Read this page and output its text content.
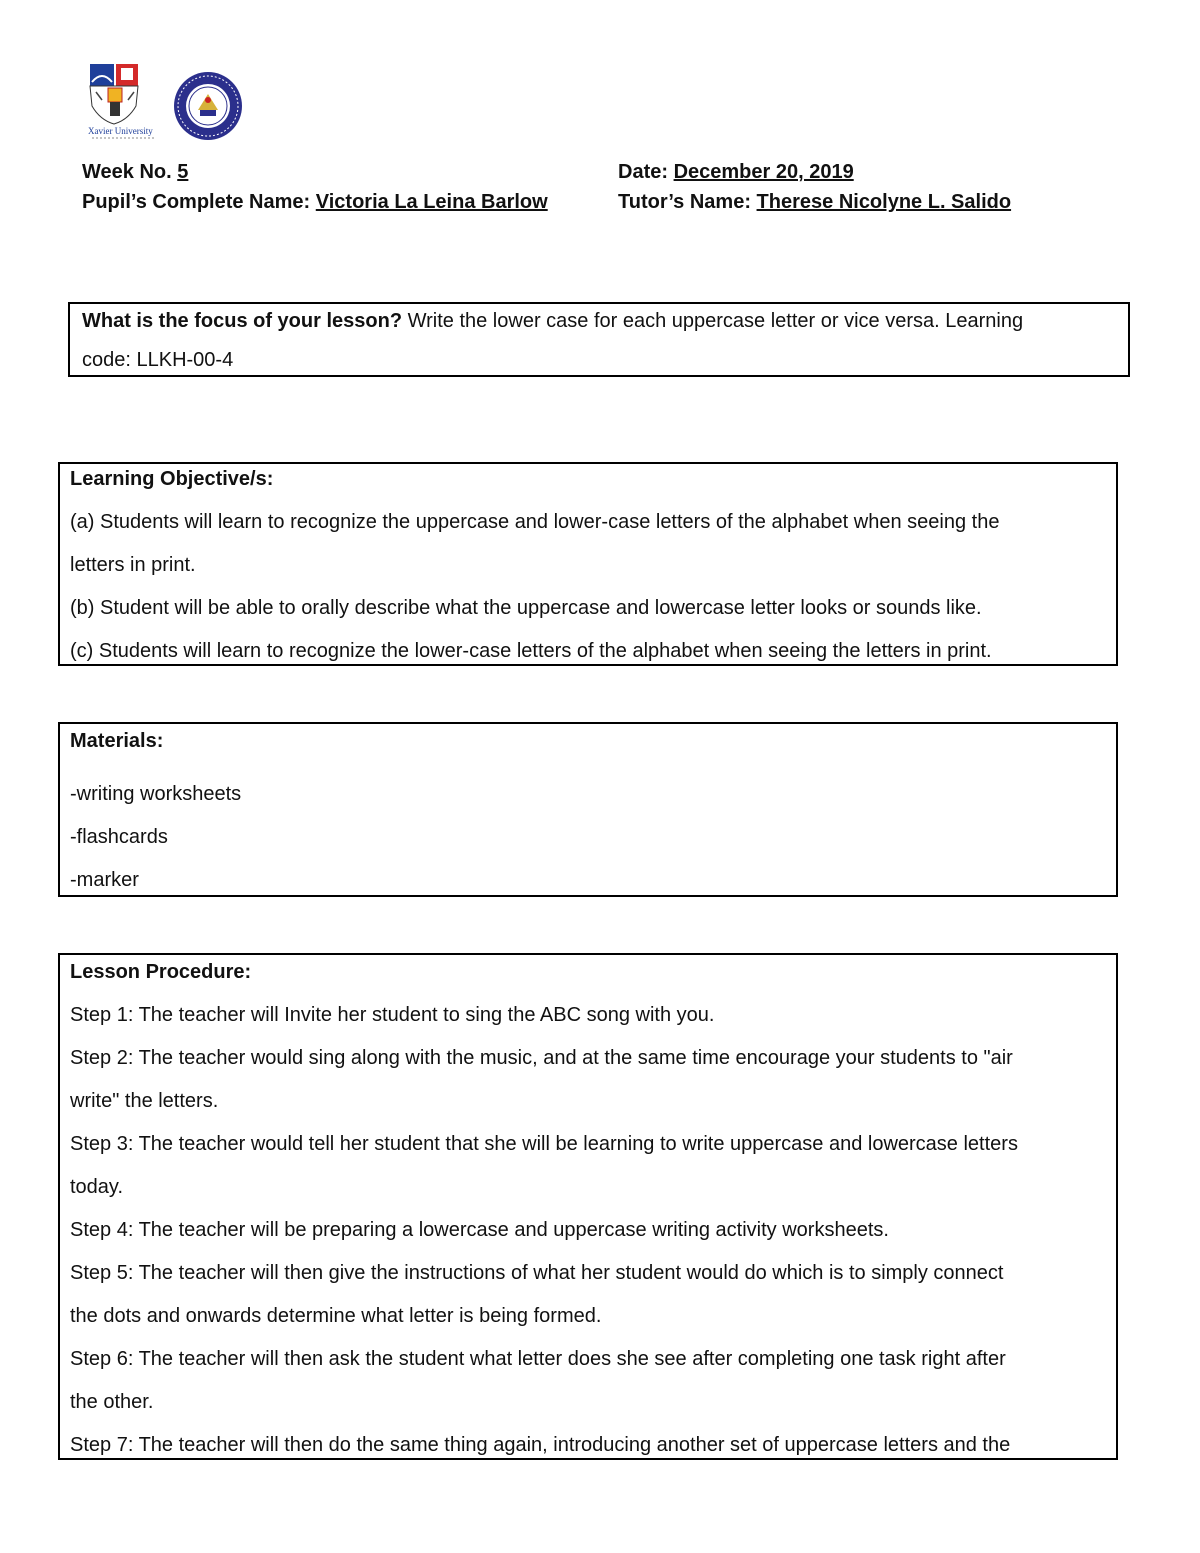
Xavier University
Week No. 5	Date: December 20, 2019
Pupil’s Complete Name: Victoria La Leina Barlow	Tutor’s Name: Therese Nicolyne L. Salido

What is the focus of your lesson? Write the lower case for each uppercase letter or vice versa. Learning

code: LLKH-00-4

Learning Objective/s:

(a) Students will learn to recognize the uppercase and lower-case letters of the alphabet when seeing the

letters in print.

(b) Student will be able to orally describe what the uppercase and lowercase letter looks or sounds like.

(c) Students will learn to recognize the lower-case letters of the alphabet when seeing the letters in print.

Materials:

-writing worksheets

-flashcards

-marker

Lesson Procedure:

Step 1: The teacher will Invite her student to sing the ABC song with you.

Step 2: The teacher would sing along with the music, and at the same time encourage your students to "air

write" the letters.

Step 3: The teacher would tell her student that she will be learning to write uppercase and lowercase letters

today.

Step 4: The teacher will be preparing a lowercase and uppercase writing activity worksheets.

Step 5: The teacher will then give the instructions of what her student would do which is to simply connect

the dots and onwards determine what letter is being formed.

Step 6: The teacher will then ask the student what letter does she see after completing one task right after

the other.

Step 7: The teacher will then do the same thing again, introducing another set of uppercase letters and the
